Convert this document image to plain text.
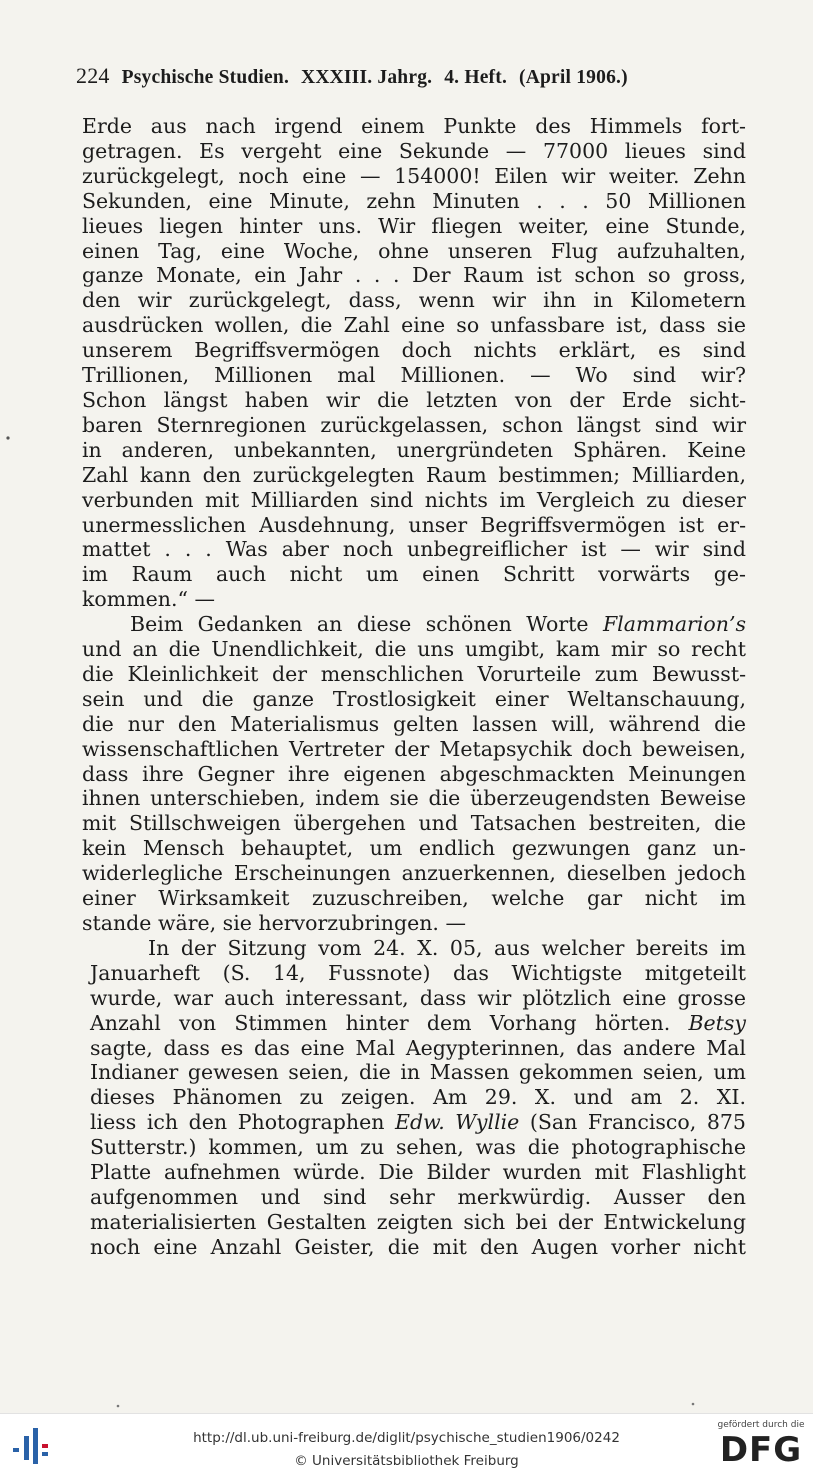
224 Psychische Studien. XXXIII. Jahrg. 4. Heft. (April 1906.)
Erde aus nach irgend einem Punkte des Himmels fort-
getragen. Es vergeht eine Sekunde — 77000 lieues sind
zurückgelegt, noch eine — 154000! Eilen wir weiter. Zehn
Sekunden, eine Minute, zehn Minuten . . . 50 Millionen
lieues liegen hinter uns. Wir fliegen weiter, eine Stunde,
einen Tag, eine Woche, ohne unseren Flug aufzuhalten,
ganze Monate, ein Jahr . . . Der Raum ist schon so gross,
den wir zurückgelegt, dass, wenn wir ihn in Kilometern
ausdrücken wollen, die Zahl eine so unfassbare ist, dass sie
unserem Begriffsvermögen doch nichts erklärt, es sind
Trillionen, Millionen mal Millionen. — Wo sind wir?
Schon längst haben wir die letzten von der Erde sicht-
baren Sternregionen zurückgelassen, schon längst sind wir
in anderen, unbekannten, unergründeten Sphären. Keine
Zahl kann den zurückgelegten Raum bestimmen; Milliarden,
verbunden mit Milliarden sind nichts im Vergleich zu dieser
unermesslichen Ausdehnung, unser Begriffsvermögen ist er-
mattet . . . Was aber noch unbegreiflicher ist — wir sind
im Raum auch nicht um einen Schritt vorwärts ge-
kommen.“ —
Beim Gedanken an diese schönen Worte Flammarion’s
und an die Unendlichkeit, die uns umgibt, kam mir so recht
die Kleinlichkeit der menschlichen Vorurteile zum Bewusst-
sein und die ganze Trostlosigkeit einer Weltanschauung,
die nur den Materialismus gelten lassen will, während die
wissenschaftlichen Vertreter der Metapsychik doch beweisen,
dass ihre Gegner ihre eigenen abgeschmackten Meinungen
ihnen unterschieben, indem sie die überzeugendsten Beweise
mit Stillschweigen übergehen und Tatsachen bestreiten, die
kein Mensch behauptet, um endlich gezwungen ganz un-
widerlegliche Erscheinungen anzuerkennen, dieselben jedoch
einer Wirksamkeit zuzuschreiben, welche gar nicht im
stande wäre, sie hervorzubringen. —
In der Sitzung vom 24. X. 05, aus welcher bereits im
Januarheft (S. 14, Fussnote) das Wichtigste mitgeteilt
wurde, war auch interessant, dass wir plötzlich eine grosse
Anzahl von Stimmen hinter dem Vorhang hörten. Betsy
sagte, dass es das eine Mal Aegypterinnen, das andere Mal
Indianer gewesen seien, die in Massen gekommen seien, um
dieses Phänomen zu zeigen. Am 29. X. und am 2. XI.
liess ich den Photographen Edw. Wyllie (San Francisco, 875
Sutterstr.) kommen, um zu sehen, was die photographische
Platte aufnehmen würde. Die Bilder wurden mit Flashlight
aufgenommen und sind sehr merkwürdig. Ausser den
materialisierten Gestalten zeigten sich bei der Entwickelung
noch eine Anzahl Geister, die mit den Augen vorher nicht
http://dl.ub.uni-freiburg.de/diglit/psychische_studien1906/0242
© Universitätsbibliothek Freiburg
gefördert durch die
DFG
